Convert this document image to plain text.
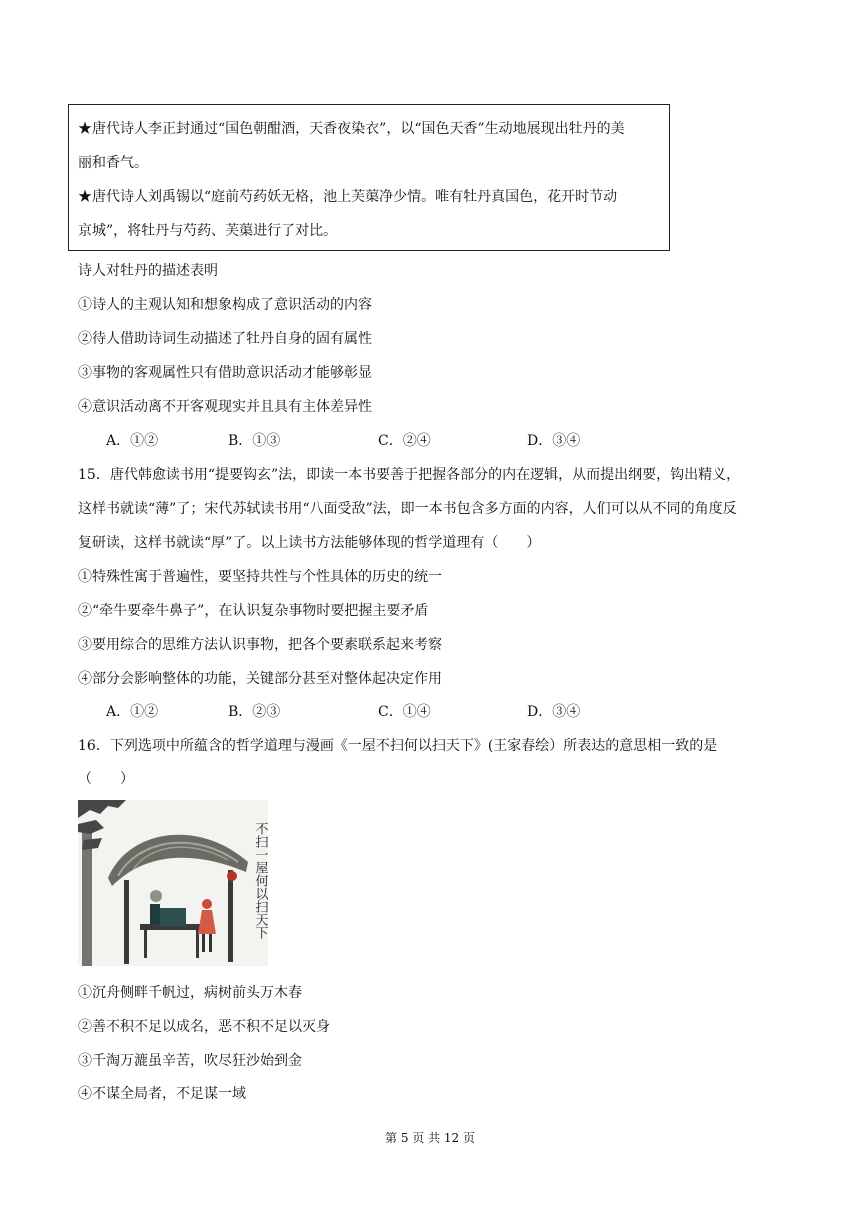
★唐代诗人李正封通过“国色朝酣酒，天香夜染衣”，以“国色天香”生动地展现出牡丹的美
丽和香气。
★唐代诗人刘禹锡以“庭前芍药妖无格，池上芙蕖净少情。唯有牡丹真国色，花开时节动
京城”，将牡丹与芍药、芙蕖进行了对比。
诗人对牡丹的描述表明
①诗人的主观认知和想象构成了意识活动的内容
②待人借助诗词生动描述了牡丹自身的固有属性
③事物的客观属性只有借助意识活动才能够彰显
④意识活动离不开客观现实并且具有主体差异性
A．①②	B．①③	C．②④	D．③④
15．唐代韩愈读书用“提要钩玄”法，即读一本书要善于把握各部分的内在逻辑，从而提出纲要，钩出精义，
这样书就读“薄”了；宋代苏轼读书用“八面受敌”法，即一本书包含多方面的内容，人们可以从不同的角度反
复研读，这样书就读“厚”了。以上读书方法能够体现的哲学道理有（　　）
①特殊性寓于普遍性，要坚持共性与个性具体的历史的统一
②“牵牛要牵牛鼻子”，在认识复杂事物时要把握主要矛盾
③要用综合的思维方法认识事物，把各个要素联系起来考察
④部分会影响整体的功能，关键部分甚至对整体起决定作用
A．①②	B．②③	C．①④	D．③④
16．下列选项中所蕴含的哲学道理与漫画《一屋不扫何以扫天下》(王家春绘）所表达的意思相一致的是
（　　）
不扫一屋何以扫天下
①沉舟侧畔千帆过，病树前头万木春
②善不积不足以成名，恶不积不足以灭身
③千淘万漉虽辛苦，吹尽狂沙始到金
④不谋全局者，不足谋一域
第 5 页 共 12 页
